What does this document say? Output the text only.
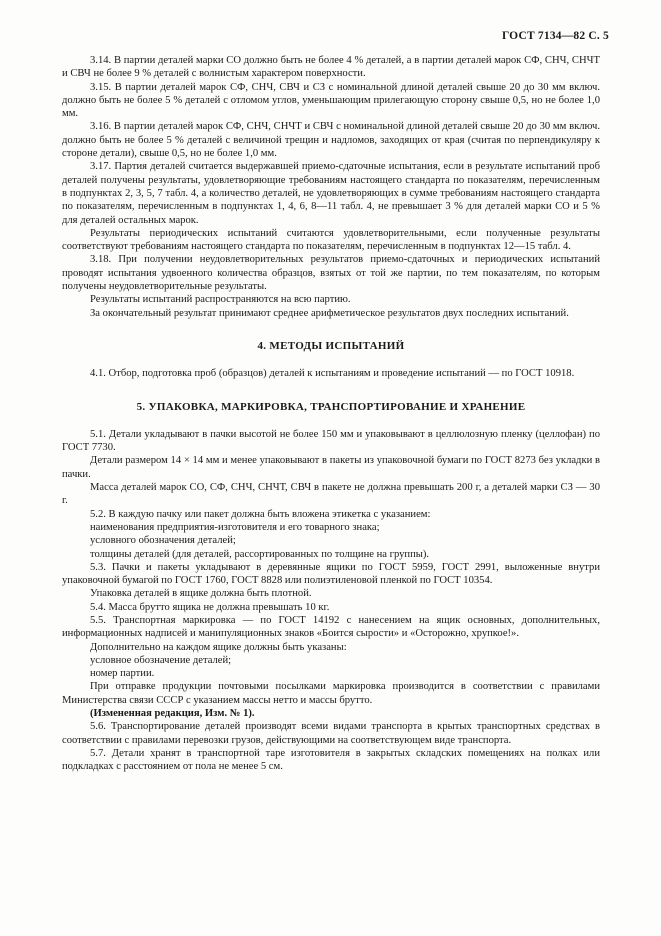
ГОСТ 7134—82 С. 5

3.14. В партии деталей марки СО должно быть не более 4 % деталей, а в партии деталей марок СФ, СНЧ, СНЧТ и СВЧ не более 9 % деталей с волнистым характером поверхности.

3.15. В партии деталей марок СФ, СНЧ, СВЧ и СЗ с номинальной длиной деталей свыше 20 до 30 мм включ. должно быть не более 5 % деталей с отломом углов, уменьшающим прилегающую сторону свыше 0,5, но не более 1,0 мм.

3.16. В партии деталей марок СФ, СНЧ, СНЧТ и СВЧ с номинальной длиной деталей свыше 20 до 30 мм включ. должно быть не более 5 % деталей с величиной трещин и надломов, заходящих от края (считая по перпендикуляру к стороне детали), свыше 0,5, но не более 1,0 мм.

3.17. Партия деталей считается выдержавшей приемо-сдаточные испытания, если в результате испытаний проб деталей получены результаты, удовлетворяющие требованиям настоящего стандарта по показателям, перечисленным в подпунктах 2, 3, 5, 7 табл. 4, а количество деталей, не удовлетворяющих в сумме требованиям настоящего стандарта по показателям, перечисленным в подпунктах 1, 4, 6, 8—11 табл. 4, не превышает 3 % для деталей марки СО и 5 % для деталей остальных марок.

Результаты периодических испытаний считаются удовлетворительными, если полученные результаты соответствуют требованиям настоящего стандарта по показателям, перечисленным в подпунктах 12—15 табл. 4.

3.18. При получении неудовлетворительных результатов приемо-сдаточных и периодических испытаний проводят испытания удвоенного количества образцов, взятых от той же партии, по тем показателям, по которым получены неудовлетворительные результаты.

Результаты испытаний распространяются на всю партию.

За окончательный результат принимают среднее арифметическое результатов двух последних испытаний.

4. МЕТОДЫ ИСПЫТАНИЙ

4.1. Отбор, подготовка проб (образцов) деталей к испытаниям и проведение испытаний — по ГОСТ 10918.

5. УПАКОВКА, МАРКИРОВКА, ТРАНСПОРТИРОВАНИЕ И ХРАНЕНИЕ

5.1. Детали укладывают в пачки высотой не более 150 мм и упаковывают в целлюлозную пленку (целлофан) по ГОСТ 7730.

Детали размером 14 × 14 мм и менее упаковывают в пакеты из упаковочной бумаги по ГОСТ 8273 без укладки в пачки.

Масса деталей марок СО, СФ, СНЧ, СНЧТ, СВЧ в пакете не должна превышать 200 г, а деталей марки СЗ — 30 г.

5.2. В каждую пачку или пакет должна быть вложена этикетка с указанием:

наименования предприятия-изготовителя и его товарного знака;

условного обозначения деталей;

толщины деталей (для деталей, рассортированных по толщине на группы).

5.3. Пачки и пакеты укладывают в деревянные ящики по ГОСТ 5959, ГОСТ 2991, выложенные внутри упаковочной бумагой по ГОСТ 1760, ГОСТ 8828 или полиэтиленовой пленкой по ГОСТ 10354.

Упаковка деталей в ящике должна быть плотной.

5.4. Масса брутто ящика не должна превышать 10 кг.

5.5. Транспортная маркировка — по ГОСТ 14192 с нанесением на ящик основных, дополнительных, информационных надписей и манипуляционных знаков «Боится сырости» и «Осторожно, хрупкое!».

Дополнительно на каждом ящике должны быть указаны:

условное обозначение деталей;

номер партии.

При отправке продукции почтовыми посылками маркировка производится в соответствии с правилами Министерства связи СССР с указанием массы нетто и массы брутто.

(Измененная редакция, Изм. № 1).

5.6. Транспортирование деталей производят всеми видами транспорта в крытых транспортных средствах в соответствии с правилами перевозки грузов, действующими на соответствующем виде транспорта.

5.7. Детали хранят в транспортной таре изготовителя в закрытых складских помещениях на полках или подкладках с расстоянием от пола не менее 5 см.
